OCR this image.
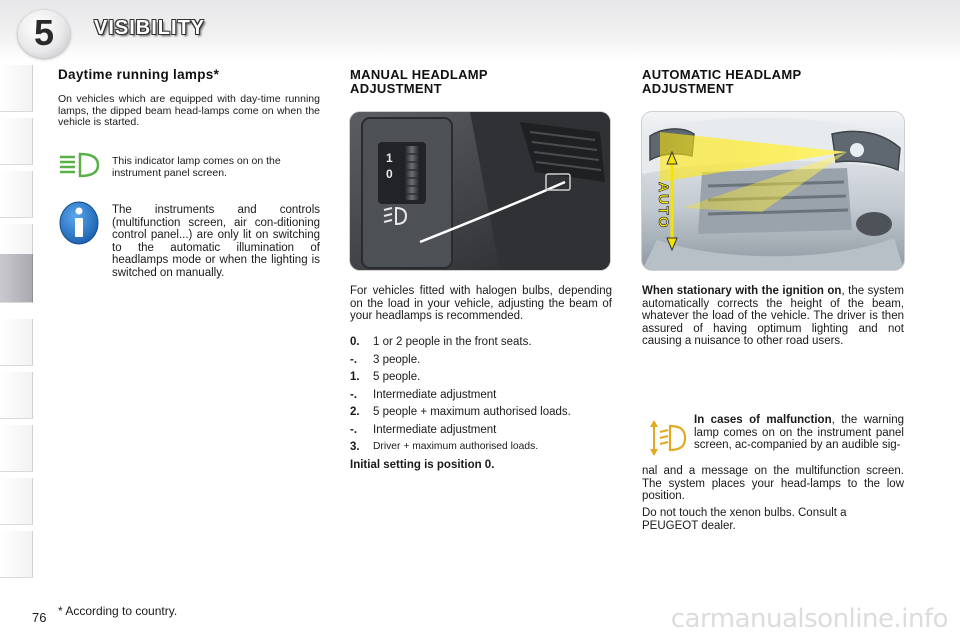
5	VISIBILITY
Daytime running lamps*
On vehicles which are equipped with day-time running lamps, the dipped beam head-lamps come on when the vehicle is started.
This indicator lamp comes on on the instrument panel screen.
The instruments and controls (multifunction screen, air con-ditioning control panel...) are only lit on switching to the automatic illumination of headlamps mode or when the lighting is switched on manually.
MANUAL HEADLAMP
ADJUSTMENT
1
0
For vehicles fitted with halogen bulbs, depending on the load in your vehicle, adjusting the beam of your headlamps is recommended.
0.	1 or 2 people in the front seats.
-.	3 people.
1.	5 people.
-.	Intermediate adjustment
2.	5 people + maximum authorised loads.
-.	Intermediate adjustment
3.	Driver + maximum authorised loads.
Initial setting is position 0.
AUTOMATIC HEADLAMP
ADJUSTMENT
AUTO
When stationary with the ignition on, the system automatically corrects the height of the beam, whatever the load of the vehicle. The driver is then assured of having optimum lighting and not causing a nuisance to other road users.
In cases of malfunction, the warning lamp comes on on the instrument panel screen, ac-companied by an audible sig-
nal and a message on the multifunction screen. The system places your head-lamps to the low position.
Do not touch the xenon bulbs. Consult a PEUGEOT dealer.
76 * According to country.	carmanualsonline.info
